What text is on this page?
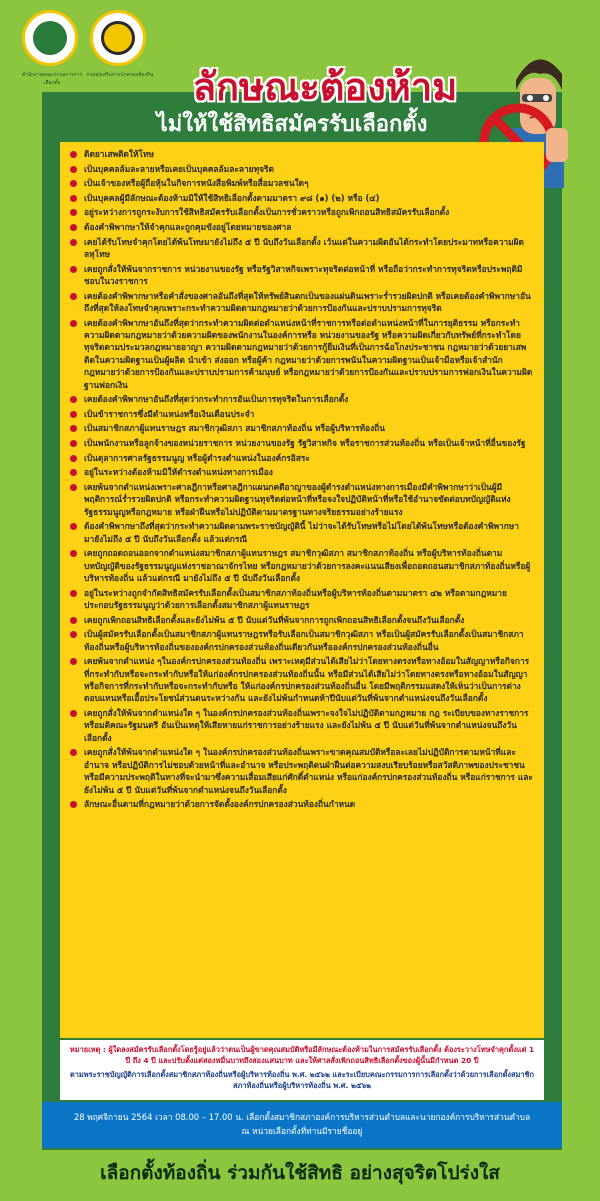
สำนักงานคณะกรรมการการเลือกตั้ง
กรมส่งเสริมการปกครองท้องถิ่น	ลักษณะต้องห้าม
ไม่ให้ใช้สิทธิสมัครรับเลือกตั้ง
ติดยาเสพติดให้โทษ
เป็นบุคคลล้มละลายหรือเคยเป็นบุคคลล้มละลายทุจริต
เป็นเจ้าของหรือผู้ถือหุ้นในกิจการหนังสือพิมพ์หรือสื่อมวลชนใดๆ
เป็นบุคคลผู้มีลักษณะต้องห้ามมิให้ใช้สิทธิเลือกตั้งตามมาตรา ๙๘ (๑) (๒) หรือ (๔)
อยู่ระหว่างการถูกระงับการใช้สิทธิสมัครรับเลือกตั้งเป็นการชั่วคราวหรือถูกเพิกถอนสิทธิสมัครรับเลือกตั้ง
ต้องคำพิพากษาให้จำคุกและถูกคุมขังอยู่โดยหมายของศาล
เคยได้รับโทษจำคุกโดยได้พ้นโทษมายังไม่ถึง ๕ ปี นับถึงวันเลือกตั้ง เว้นแต่ในความผิดอันได้กระทำโดยประมาทหรือความผิดลหุโทษ
เคยถูกสั่งให้พ้นจากราชการ หน่วยงานของรัฐ หรือรัฐวิสาหกิจเพราะทุจริตต่อหน้าที่ หรือถือว่ากระทำการทุจริตหรือประพฤติมิชอบในวงราชการ
เคยต้องคำพิพากษาหรือคำสั่งของศาลอันถึงที่สุดให้ทรัพย์สินตกเป็นของแผ่นดินเพราะร่ำรวยผิดปกติ หรือเคยต้องคำพิพากษาอันถึงที่สุดให้ลงโทษจำคุกเพราะกระทำความผิดตามกฎหมายว่าด้วยการป้องกันและปราบปรามการทุจริต
เคยต้องคำพิพากษาอันถึงที่สุดว่ากระทำความผิดต่อตำแหน่งหน้าที่ราชการหรือต่อตำแหน่งหน้าที่ในการยุติธรรม หรือกระทำความผิดตามกฎหมายว่าด้วยความผิดของพนักงานในองค์การหรือ หน่วยงานของรัฐ หรือความผิดเกี่ยวกับทรัพย์ที่กระทำโดยทุจริตตามประมวลกฎหมายอาญา ความผิดตามกฎหมายว่าด้วยการกู้ยืมเงินที่เป็นการฉ้อโกงประชาชน กฎหมายว่าด้วยยาเสพติดในความผิดฐานเป็นผู้ผลิต นำเข้า ส่งออก หรือผู้ค้า กฎหมายว่าด้วยการพนันในความผิดฐานเป็นเจ้ามือหรือเจ้าสำนัก กฎหมายว่าด้วยการป้องกันและปราบปรามการค้ามนุษย์ หรือกฎหมายว่าด้วยการป้องกันและปราบปรามการฟอกเงินในความผิดฐานฟอกเงิน
เคยต้องคำพิพากษาอันถึงที่สุดว่ากระทำการอันเป็นการทุจริตในการเลือกตั้ง
เป็นข้าราชการซึ่งมีตำแหน่งหรือเงินเดือนประจำ
เป็นสมาชิกสภาผู้แทนราษฎร สมาชิกวุฒิสภา สมาชิกสภาท้องถิ่น หรือผู้บริหารท้องถิ่น
เป็นพนักงานหรือลูกจ้างของหน่วยราชการ หน่วยงานของรัฐ รัฐวิสาหกิจ หรือราชการส่วนท้องถิ่น หรือเป็นเจ้าหน้าที่อื่นของรัฐ
เป็นตุลาการศาลรัฐธรรมนูญ หรือผู้ดำรงตำแหน่งในองค์กรอิสระ
อยู่ในระหว่างต้องห้ามมิให้ดำรงตำแหน่งทางการเมือง
เคยพ้นจากตำแหน่งเพราะศาลฎีกาหรือศาลฎีกาแผนกคดีอาญาของผู้ดำรงตำแหน่งทางการเมืองมีคำพิพากษาว่าเป็นผู้มีพฤติการณ์ร่ำรวยผิดปกติ หรือกระทำความผิดฐานทุจริตต่อหน้าที่หรือจงใจปฏิบัติหน้าที่หรือใช้อำนาจขัดต่อบทบัญญัติแห่งรัฐธรรมนูญหรือกฎหมาย หรือฝ่าฝืนหรือไม่ปฏิบัติตามมาตรฐานทางจริยธรรมอย่างร้ายแรง
ต้องคำพิพากษาถึงที่สุดว่ากระทำความผิดตามพระราชบัญญัตินี้ ไม่ว่าจะได้รับโทษหรือไม่โดยได้พ้นโทษหรือต้องคำพิพากษามายังไม่ถึง ๕ ปี นับถึงวันเลือกตั้ง แล้วแต่กรณี
เคยถูกถอดถอนออกจากตำแหน่งสมาชิกสภาผู้แทนราษฎร สมาชิกวุฒิสภา สมาชิกสภาท้องถิ่น หรือผู้บริหารท้องถิ่นตามบทบัญญัติของรัฐธรรมนูญแห่งราชอาณาจักรไทย หรือกฎหมายว่าด้วยการลงคะแนนเสียงเพื่อถอดถอนสมาชิกสภาท้องถิ่นหรือผู้บริหารท้องถิ่น แล้วแต่กรณี มายังไม่ถึง ๕ ปี นับถึงวันเลือกตั้ง
อยู่ในระหว่างถูกจำกัดสิทธิสมัครรับเลือกตั้งเป็นสมาชิกสภาท้องถิ่นหรือผู้บริหารท้องถิ่นตามมาตรา ๔๒ หรือตามกฎหมายประกอบรัฐธรรมนูญว่าด้วยการเลือกตั้งสมาชิกสภาผู้แทนราษฎร
เคยถูกเพิกถอนสิทธิเลือกตั้งและยังไม่พ้น ๕ ปี นับแต่วันที่พ้นจากการถูกเพิกถอนสิทธิเลือกตั้งจนถึงวันเลือกตั้ง
เป็นผู้สมัครรับเลือกตั้งเป็นสมาชิกสภาผู้แทนราษฎรหรือรับเลือกเป็นสมาชิกวุฒิสภา หรือเป็นผู้สมัครรับเลือกตั้งเป็นสมาชิกสภาท้องถิ่นหรือผู้บริหารท้องถิ่นขององค์กรปกครองส่วนท้องถิ่นเดียวกันหรือองค์กรปกครองส่วนท้องถิ่นอื่น
เคยพ้นจากตำแหน่ง ๆในองค์กรปกครองส่วนท้องถิ่น เพราะเหตุมีส่วนได้เสียไม่ว่าโดยทางตรงหรือทางอ้อมในสัญญาหรือกิจการที่กระทำกับหรือจะกระทำกับหรือให้แก่องค์กรปกครองส่วนท้องถิ่นนั้น หรือมีส่วนได้เสียไม่ว่าโดยทางตรงหรือทางอ้อมในสัญญาหรือกิจการที่กระทำกับหรือจะกระทำกับหรือ ให้แก่องค์กรปกครองส่วนท้องถิ่นอื่น โดยมีพฤติกรรมแสดงให้เห็นว่าเป็นการต่างตอบแทนหรือเอื้อประโยชน์ส่วนตนระหว่างกัน และยังไม่พ้นกำหนดห้าปีนับแต่วันที่พ้นจากตำแหน่งจนถึงวันเลือกตั้ง
เคยถูกสั่งให้พ้นจากตำแหน่งใด ๆ ในองค์กรปกครองส่วนท้องถิ่นเพราะจงใจไม่ปฏิบัติตามกฎหมาย กฎ ระเบียบของทางราชการ หรือมติคณะรัฐมนตรี อันเป็นเหตุให้เสียหายแก่ราชการอย่างร้ายแรง และยังไม่พ้น ๕ ปี นับแต่วันที่พ้นจากตำแหน่งจนถึงวันเลือกตั้ง
เคยถูกสั่งให้พ้นจากตำแหน่งใด ๆ ในองค์กรปกครองส่วนท้องถิ่นเพราะขาดคุณสมบัติหรือละเลยไม่ปฏิบัติการตามหน้าที่และอำนาจ หรือปฏิบัติการไม่ชอบด้วยหน้าที่และอำนาจ หรือประพฤติตนฝ่าฝืนต่อความสงบเรียบร้อยหรือสวัสดิภาพของประชาชน หรือมีความประพฤติในทางที่จะนำมาซึ่งความเสื่อมเสียแก่ศักดิ์ตำแหน่ง หรือแก่องค์กรปกครองส่วนท้องถิ่น หรือแก่ราชการ และยังไม่พ้น ๕ ปี นับแต่วันที่พ้นจากตำแหน่งจนถึงวันเลือกตั้ง
ลักษณะอื่นตามที่กฎหมายว่าด้วยการจัดตั้งองค์กรปกครองส่วนท้องถิ่นกำหนด
หมายเหตุ : ผู้ใดลงสมัครรับเลือกตั้งโดยรู้อยู่แล้วว่าตนเป็นผู้ขาดคุณสมบัติหรือมีลักษณะต้องห้ามในการสมัครรับเลือกตั้ง ต้องระวางโทษจำคุกตั้งแต่ 1 ปี ถึง 4 ปี และปรับตั้งแต่สองหมื่นบาทถึงสองแสนบาท และให้ศาลสั่งเพิกถอนสิทธิเลือกตั้งของผู้นั้นมีกำหนด 20 ปี
ตามพระราชบัญญัติการเลือกตั้งสมาชิกสภาท้องถิ่นหรือผู้บริหารท้องถิ่น พ.ศ. ๒๕๖๒ และระเบียบคณะกรรมการการเลือกตั้งว่าด้วยการเลือกตั้งสมาชิกสภาท้องถิ่นหรือผู้บริหารท้องถิ่น พ.ศ. ๒๕๖๒
28 พฤศจิกายน 2564 เวลา 08.00 – 17.00 น. เลือกตั้งสมาชิกสภาองค์การบริหารส่วนตำบลและนายกองค์การบริหารส่วนตำบล
ณ หน่วยเลือกตั้งที่ท่านมีรายชื่ออยู่
เลือกตั้งท้องถิ่น ร่วมกันใช้สิทธิ อย่างสุจริตโปร่งใส
